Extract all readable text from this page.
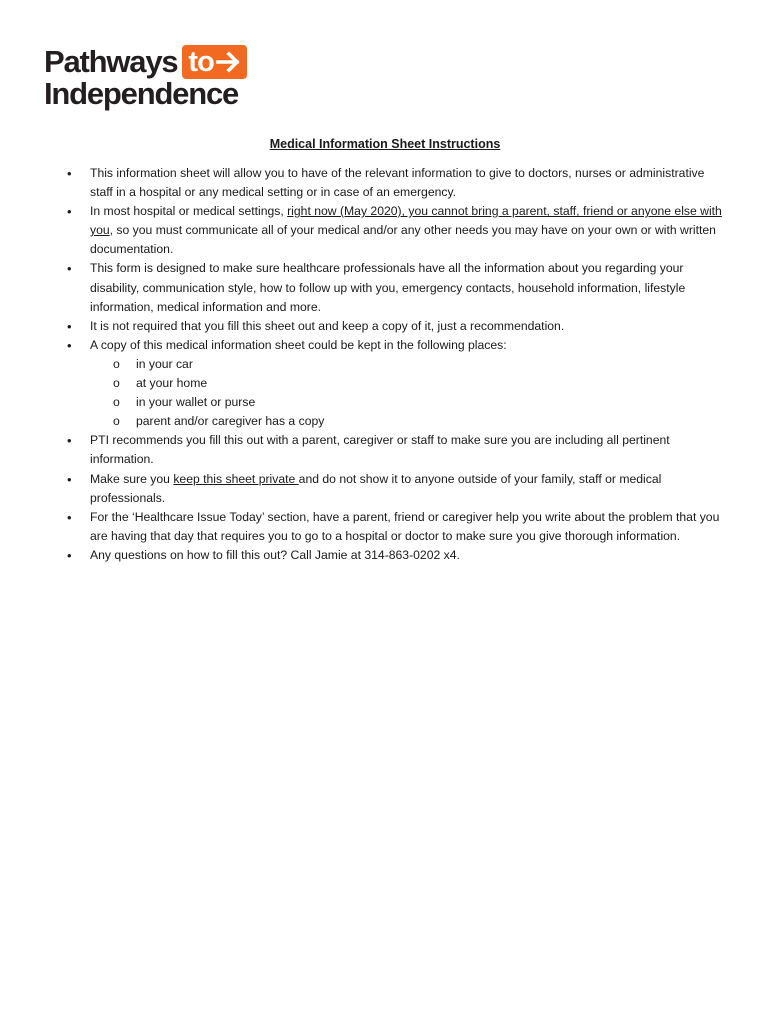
Pathways to
Independence
Medical Information Sheet Instructions
• This information sheet will allow you to have of the relevant information to give to doctors, nurses or administrative staff in a hospital or any medical setting or in case of an emergency.
• In most hospital or medical settings, right now (May 2020), you cannot bring a parent, staff, friend or anyone else with you, so you must communicate all of your medical and/or any other needs you may have on your own or with written documentation.
• This form is designed to make sure healthcare professionals have all the information about you regarding your disability, communication style, how to follow up with you, emergency contacts, household information, lifestyle information, medical information and more.
• It is not required that you fill this sheet out and keep a copy of it, just a recommendation.
• A copy of this medical information sheet could be kept in the following places:
o in your car
o at your home
o in your wallet or purse
o parent and/or caregiver has a copy
• PTI recommends you fill this out with a parent, caregiver or staff to make sure you are including all pertinent information.
• Make sure you keep this sheet private and do not show it to anyone outside of your family, staff or medical professionals.
• For the ‘Healthcare Issue Today’ section, have a parent, friend or caregiver help you write about the problem that you are having that day that requires you to go to a hospital or doctor to make sure you give thorough information.
• Any questions on how to fill this out? Call Jamie at 314-863-0202 x4.
